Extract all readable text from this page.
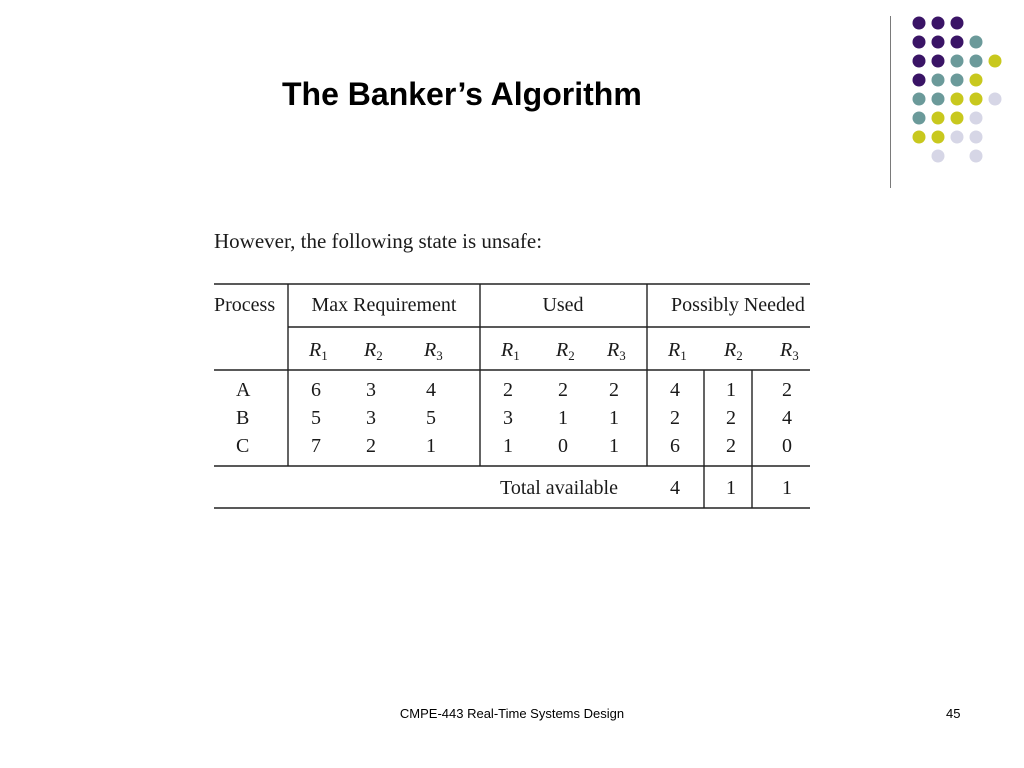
The Banker’s Algorithm
However, the following state is unsafe:
Process Max Requirement	Used	Possibly Needed
$R_1$ $R_2$ $R_3$	$R_1$ $R_2$ $R_3$ $R_1$ $R_2$ $R_3$
A	6 3	4	2 2 2	4 1 2
B	5 3	5	3 1 1	2 2 4
C	7 2	1	1 0 1	6 2 0
Total available	4 1 1
CMPE-443 Real-Time Systems Design	45
